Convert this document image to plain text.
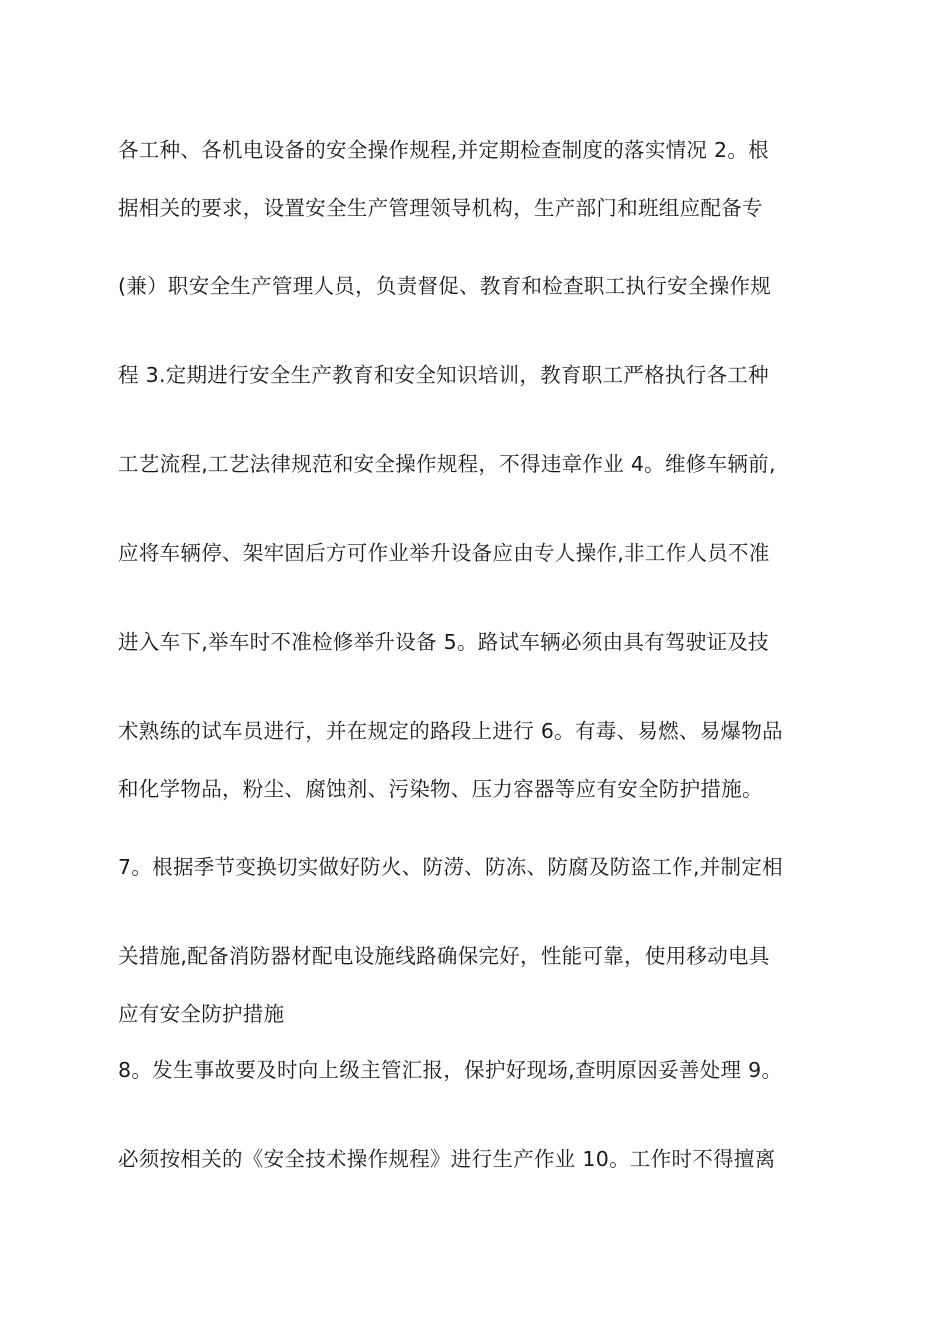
各工种、各机电设备的安全操作规程,并定期检查制度的落实情况 2。根
据相关的要求，设置安全生产管理领导机构，生产部门和班组应配备专
(兼）职安全生产管理人员，负责督促、教育和检查职工执行安全操作规
程 3.定期进行安全生产教育和安全知识培训，教育职工严格执行各工种
工艺流程,工艺法律规范和安全操作规程，不得违章作业 4。维修车辆前,
应将车辆停、架牢固后方可作业举升设备应由专人操作,非工作人员不准
进入车下,举车时不准检修举升设备 5。路试车辆必须由具有驾驶证及技
术熟练的试车员进行，并在规定的路段上进行 6。有毒、易燃、易爆物品
和化学物品，粉尘、腐蚀剂、污染物、压力容器等应有安全防护措施。
7。根据季节变换切实做好防火、防涝、防冻、防腐及防盗工作,并制定相
关措施,配备消防器材配电设施线路确保完好，性能可靠，使用移动电具
应有安全防护措施
8。发生事故要及时向上级主管汇报，保护好现场,查明原因妥善处理 9。
必须按相关的《安全技术操作规程》进行生产作业 10。工作时不得擅离
